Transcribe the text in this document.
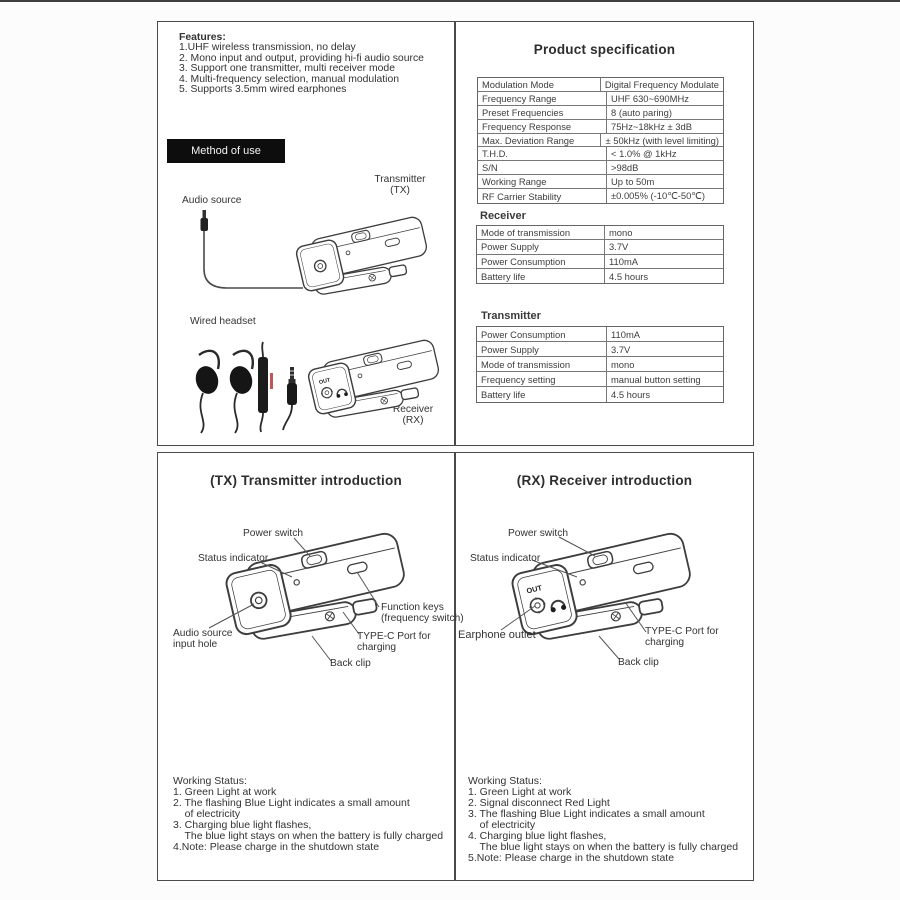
Features:
1.UHF wireless transmission, no delay
2. Mono input and output, providing hi-fi audio source
3. Support one transmitter, multi receiver mode
4. Multi-frequency selection, manual modulation
5. Supports 3.5mm wired earphones
Method of use
Transmitter
(TX)
Audio source
Wired headset
Receiver
(RX)
Product specification
Modulation Mode	Digital Frequency Modulate
Frequency Range	UHF 630~690MHz
Preset Frequencies	8 (auto paring)
Frequency Response	75Hz~18kHz ± 3dB
Max. Deviation Range	± 50kHz (with level limiting)
T.H.D.	< 1.0% @ 1kHz
S/N	>98dB
Working Range	Up to 50m
RF Carrier Stability	±0.005% (-10℃-50℃)
Receiver
Mode of transmission	mono
Power Supply	3.7V
Power Consumption	110mA
Battery life	4.5 hours
Transmitter
Power Consumption	110mA
Power Supply	3.7V
Mode of transmission	mono
Frequency setting	manual button setting
Battery life	4.5 hours
(TX) Transmitter introduction
Power switch
Status indicator
Audio source
input hole
Function keys
(frequency switch)
TYPE-C Port for
charging
Back clip
Working Status:
1. Green Light at work
2. The flashing Blue Light indicates a small amount
of electricity
3. Charging blue light flashes,
The blue light stays on when the battery is fully charged
4.Note: Please charge in the shutdown state
(RX) Receiver introduction
Power switch
Status indicator
Earphone outlet	TYPE-C Port for
charging
Back clip
Working Status:
1. Green Light at work
2. Signal disconnect Red Light
3. The flashing Blue Light indicates a small amount
of electricity
4. Charging blue light flashes,
The blue light stays on when the battery is fully charged
5.Note: Please charge in the shutdown state
